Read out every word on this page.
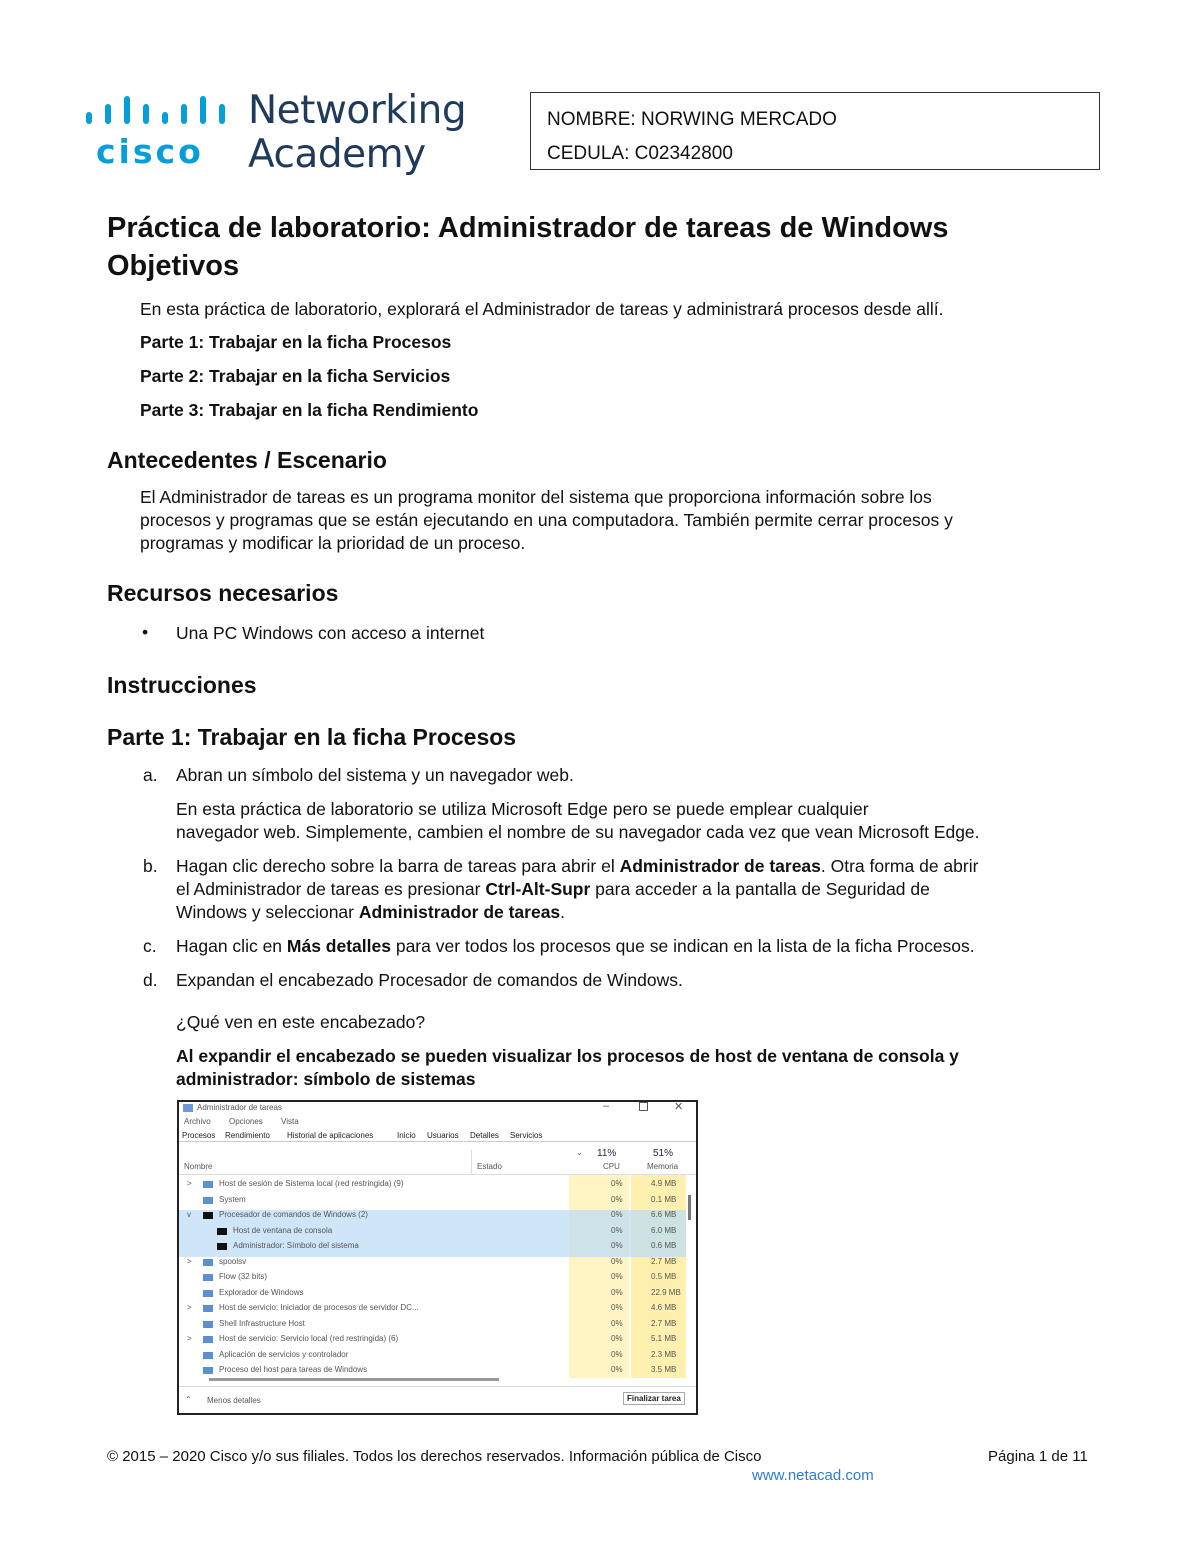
cisco
Networking
Academy
NOMBRE: NORWING MERCADO
CEDULA: C02342800
Práctica de laboratorio: Administrador de tareas de Windows
Objetivos

En esta práctica de laboratorio, explorará el Administrador de tareas y administrará procesos desde allí.

Parte 1: Trabajar en la ficha Procesos

Parte 2: Trabajar en la ficha Servicios

Parte 3: Trabajar en la ficha Rendimiento

Antecedentes / Escenario

El Administrador de tareas es un programa monitor del sistema que proporciona información sobre los

procesos y programas que se están ejecutando en una computadora. También permite cerrar procesos y

programas y modificar la prioridad de un proceso.

Recursos necesarios

• Una PC Windows con acceso a internet

Instrucciones
Parte 1: Trabajar en la ficha Procesos

a. Abran un símbolo del sistema y un navegador web.

En esta práctica de laboratorio se utiliza Microsoft Edge pero se puede emplear cualquier

navegador web. Simplemente, cambien el nombre de su navegador cada vez que vean Microsoft Edge.

b. Hagan clic derecho sobre la barra de tareas para abrir el Administrador de tareas. Otra forma de abrir

el Administrador de tareas es presionar Ctrl-Alt-Supr para acceder a la pantalla de Seguridad de

Windows y seleccionar Administrador de tareas.

c. Hagan clic en Más detalles para ver todos los procesos que se indican en la lista de la ficha Procesos.

d. Expandan el encabezado Procesador de comandos de Windows.

¿Qué ven en este encabezado?

Al expandir el encabezado se pueden visualizar los procesos de host de ventana de consola y

administrador: símbolo de sistemas

Administrador de tareas	–	✕
Archivo Opciones Vista
Procesos Rendimiento Historial de aplicaciones	Inicio Usuarios Detalles Servicios
⌄ 11%	51%
Nombre	Estado	CPU	Memoria
>	Host de sesión de Sistema local (red restringida) (9)	0%	4.9 MB
System	0%	0.1 MB
v	Procesador de comandos de Windows (2)	0%	6.6 MB
Host de ventana de consola	0%	6.0 MB
Administrador: Símbolo del sistema	0%	0.6 MB
>	spoolsv	0%	2.7 MB
Flow (32 bits)	0%	0.5 MB
Explorador de Windows	0%	22.9 MB
>	Host de servicio: Iniciador de procesos de servidor DC...	0%	4.6 MB
Shell Infrastructure Host	0%	2.7 MB
>	Host de servicio: Servicio local (red restringida) (6)	0%	5.1 MB
Aplicación de servicios y controlador	0%	2.3 MB
Proceso del host para tareas de Windows	0%	3.5 MB
⌃ Menos detalles	Finalizar tarea
© 2015 – 2020 Cisco y/o sus filiales. Todos los derechos reservados. Información pública de Cisco	Página 1 de 11
www.netacad.com
